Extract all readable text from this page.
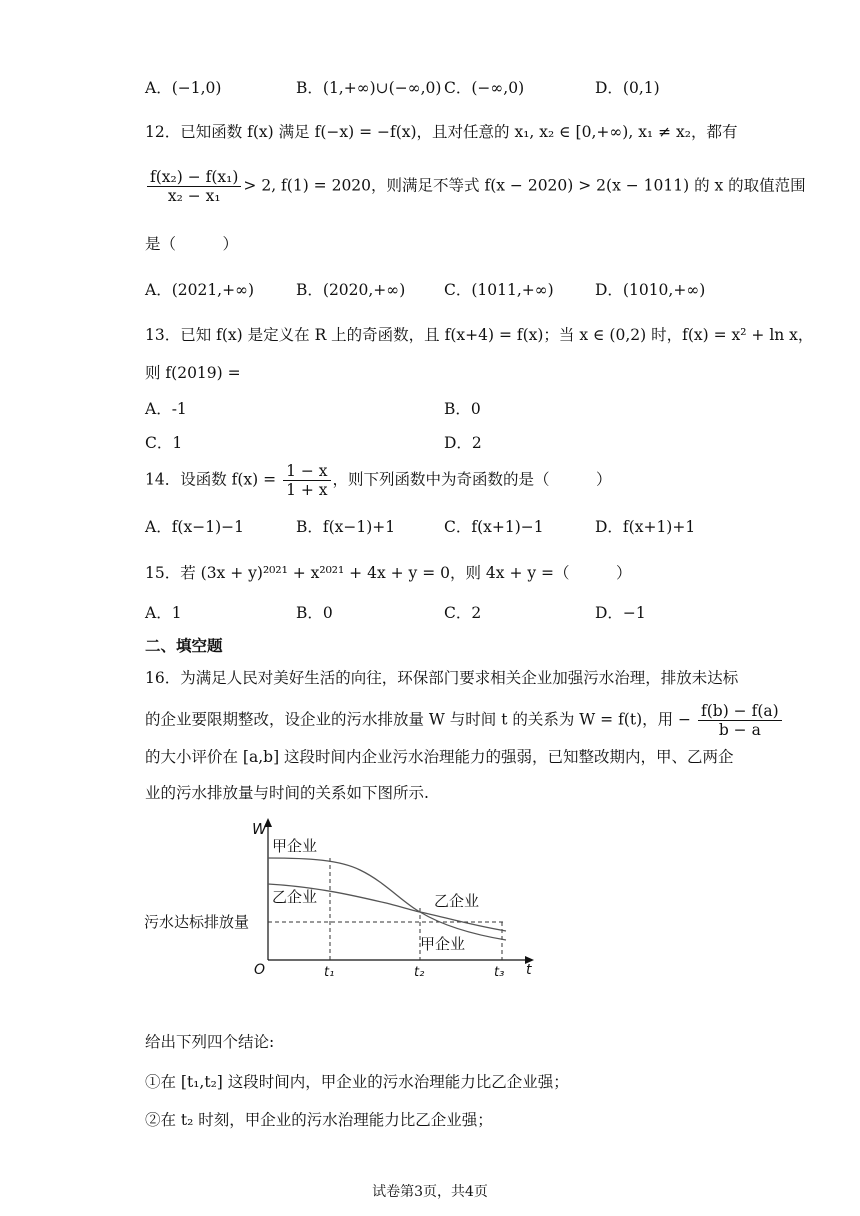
A．(−1,0)	B．(1,+∞)∪(−∞,0) C．(−∞,0)	D．(0,1)
12．已知函数 f(x) 满足 f(−x) = −f(x)，且对任意的 x₁, x₂ ∈ [0,+∞), x₁ ≠ x₂，都有
$\frac{\text{f(x₂) − f(x₁)}}{\text{x₂ − x₁}} > 2$, f(1) = 2020，则满足不等式 f(x − 2020) > 2(x − 1011) 的 x 的取值范围
是（　　　）
A．(2021,+∞)	B．(2020,+∞) C．(1011,+∞)	D．(1010,+∞)
13．已知 f(x) 是定义在 R 上的奇函数，且 f(x+4) = f(x)；当 x ∈ (0,2) 时，f(x) = x² + ln x，
则 f(2019) =
A．-1	B．0
C．1	D．2
14．设函数 $f(x) = \frac{1 - x}{1 + x}$ ，则下列函数中为奇函数的是（　　　）
A．f(x−1)−1	B．f(x−1)+1	C．f(x+1)−1	D．f(x+1)+1
15．若 (3x + y)²⁰²¹ + x²⁰²¹ + 4x + y = 0，则 4x + y =（　　　）
A．1	B．0	C．2	D．−1
二、填空题
16．为满足人民对美好生活的向往，环保部门要求相关企业加强污水治理，排放未达标
的企业要限期整改，设企业的污水排放量 W 与时间 t 的关系为 W = f(t)，用 − $\frac{f(b) - f(a)}{b - a}$
的大小评价在 [a,b] 这段时间内企业污水治理能力的强弱，已知整改期内，甲、乙两企
业的污水排放量与时间的关系如下图所示.
W
t
O
甲企业
乙企业	乙企业
甲企业
污水达标排放量
t₁	t₂	t₃
给出下列四个结论:
①在 [t₁,t₂] 这段时间内，甲企业的污水治理能力比乙企业强；
②在 t₂ 时刻，甲企业的污水治理能力比乙企业强；
试卷第3页，共4页
